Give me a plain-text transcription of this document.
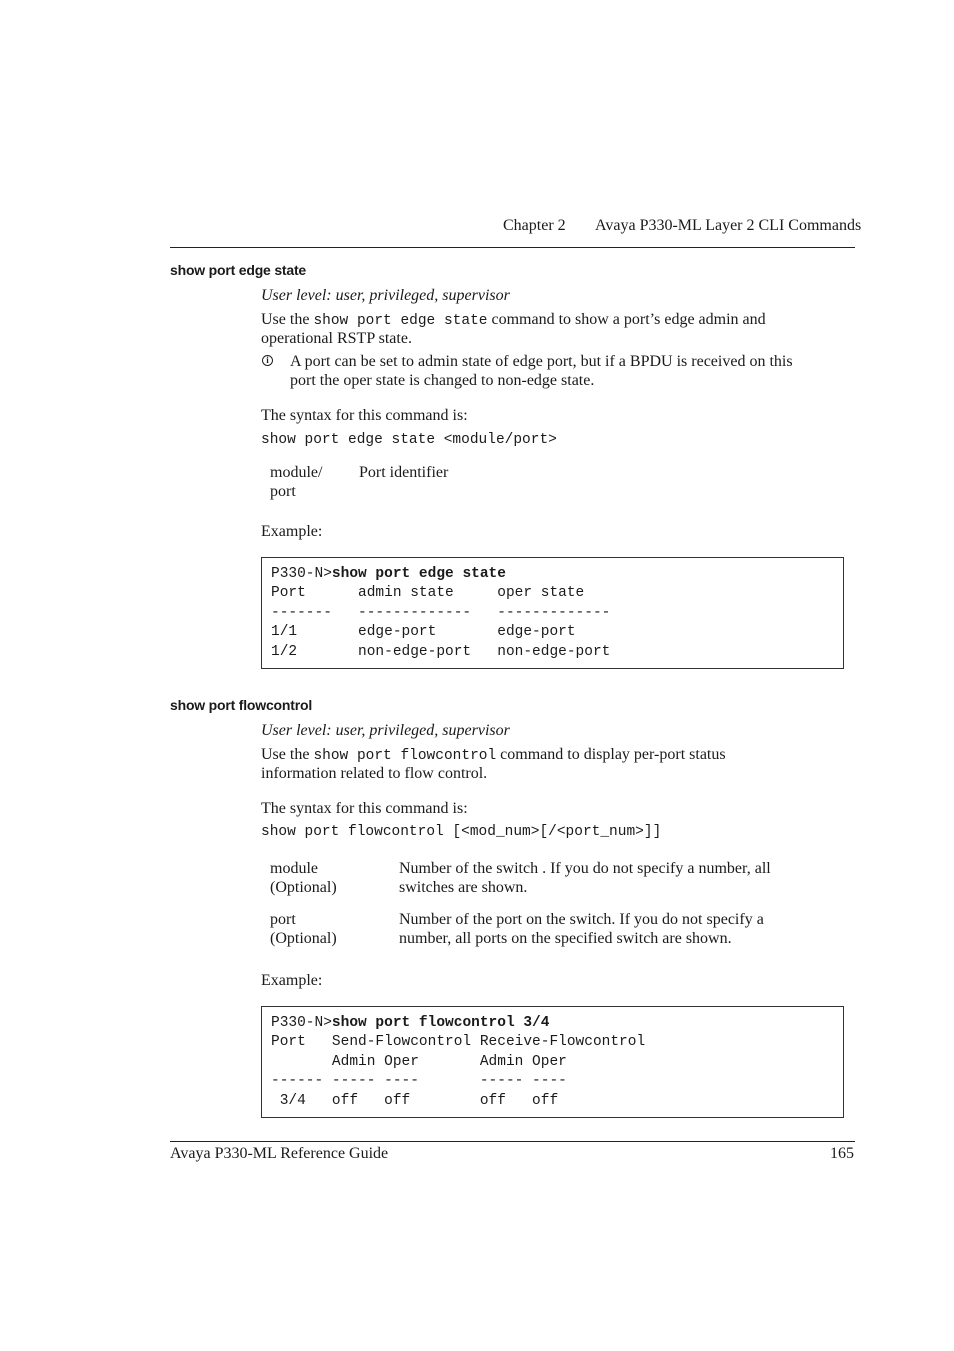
Chapter 2 Avaya P330-ML Layer 2 CLI Commands
show port edge state
User level: user, privileged, supervisor
Use the show port edge state command to show a port’s edge admin and
operational RSTP state.
i A port can be set to admin state of edge port, but if a BPDU is received on this
port the oper state is changed to non-edge state.
The syntax for this command is:
show port edge state <module/port>
module/
port
Port identifier
Example:
P330-N>show port edge state
Port      admin state     oper state
-------   -------------   -------------
1/1       edge-port       edge-port
1/2       non-edge-port   non-edge-port
show port flowcontrol
User level: user, privileged, supervisor
Use the show port flowcontrol command to display per-port status
information related to flow control.
The syntax for this command is:
show port flowcontrol [<mod_num>[/<port_num>]]
module
(Optional)
Number of the switch . If you do not specify a number, all
switches are shown.
port
(Optional)
Number of the port on the switch. If you do not specify a
number, all ports on the specified switch are shown.
Example:
P330-N>show port flowcontrol 3/4
Port   Send-Flowcontrol Receive-Flowcontrol
Admin Oper       Admin Oper
------ ----- ----       ----- ----
3/4   off   off        off   off
Avaya P330-ML Reference Guide	165
